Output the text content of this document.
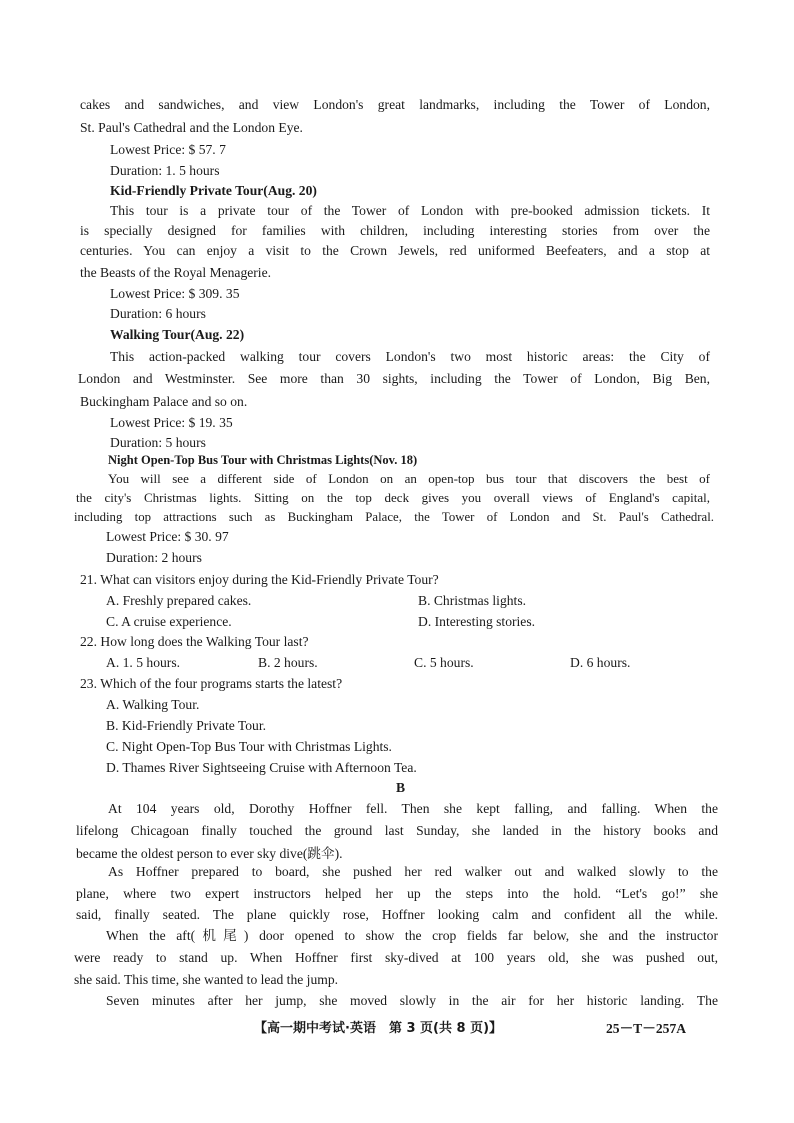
cakes and sandwiches, and view London's great landmarks, including the Tower of London,
St. Paul's Cathedral and the London Eye.
Lowest Price: $ 57. 7
Duration: 1. 5 hours
Kid-Friendly Private Tour(Aug. 20)
This tour is a private tour of the Tower of London with pre-booked admission tickets. It
is specially designed for families with children, including interesting stories from over the
centuries. You can enjoy a visit to the Crown Jewels, red uniformed Beefeaters, and a stop at
the Beasts of the Royal Menagerie.
Lowest Price: $ 309. 35
Duration: 6 hours
Walking Tour(Aug. 22)
This action-packed walking tour covers London's two most historic areas: the City of
London and Westminster. See more than 30 sights, including the Tower of London, Big Ben,
Buckingham Palace and so on.
Lowest Price: $ 19. 35
Duration: 5 hours
Night Open-Top Bus Tour with Christmas Lights(Nov. 18)
You will see a different side of London on an open-top bus tour that discovers the best of
the city's Christmas lights. Sitting on the top deck gives you overall views of England's capital,
including top attractions such as Buckingham Palace, the Tower of London and St. Paul's Cathedral.
Lowest Price: $ 30. 97
Duration: 2 hours
21. What can visitors enjoy during the Kid-Friendly Private Tour?
A. Freshly prepared cakes.	B. Christmas lights.
C. A cruise experience.	D. Interesting stories.
22. How long does the Walking Tour last?
A. 1. 5 hours.	B. 2 hours.	C. 5 hours.	D. 6 hours.
23. Which of the four programs starts the latest?
A. Walking Tour.
B. Kid-Friendly Private Tour.
C. Night Open-Top Bus Tour with Christmas Lights.
D. Thames River Sightseeing Cruise with Afternoon Tea.
B
At 104 years old, Dorothy Hoffner fell. Then she kept falling, and falling. When the
lifelong Chicagoan finally touched the ground last Sunday, she landed in the history books and
became the oldest person to ever sky dive(跳伞).
As Hoffner prepared to board, she pushed her red walker out and walked slowly to the
plane, where two expert instructors helped her up the steps into the hold. “Let's go!” she
said, finally seated. The plane quickly rose, Hoffner looking calm and confident all the while.
When the aft(机尾) door opened to show the crop fields far below, she and the instructor
were ready to stand up. When Hoffner first sky-dived at 100 years old, she was pushed out,
she said. This time, she wanted to lead the jump.
Seven minutes after her jump, she moved slowly in the air for her historic landing. The
【高一期中考试·英语　第 3 页(共 8 页)】	25－T－257A
